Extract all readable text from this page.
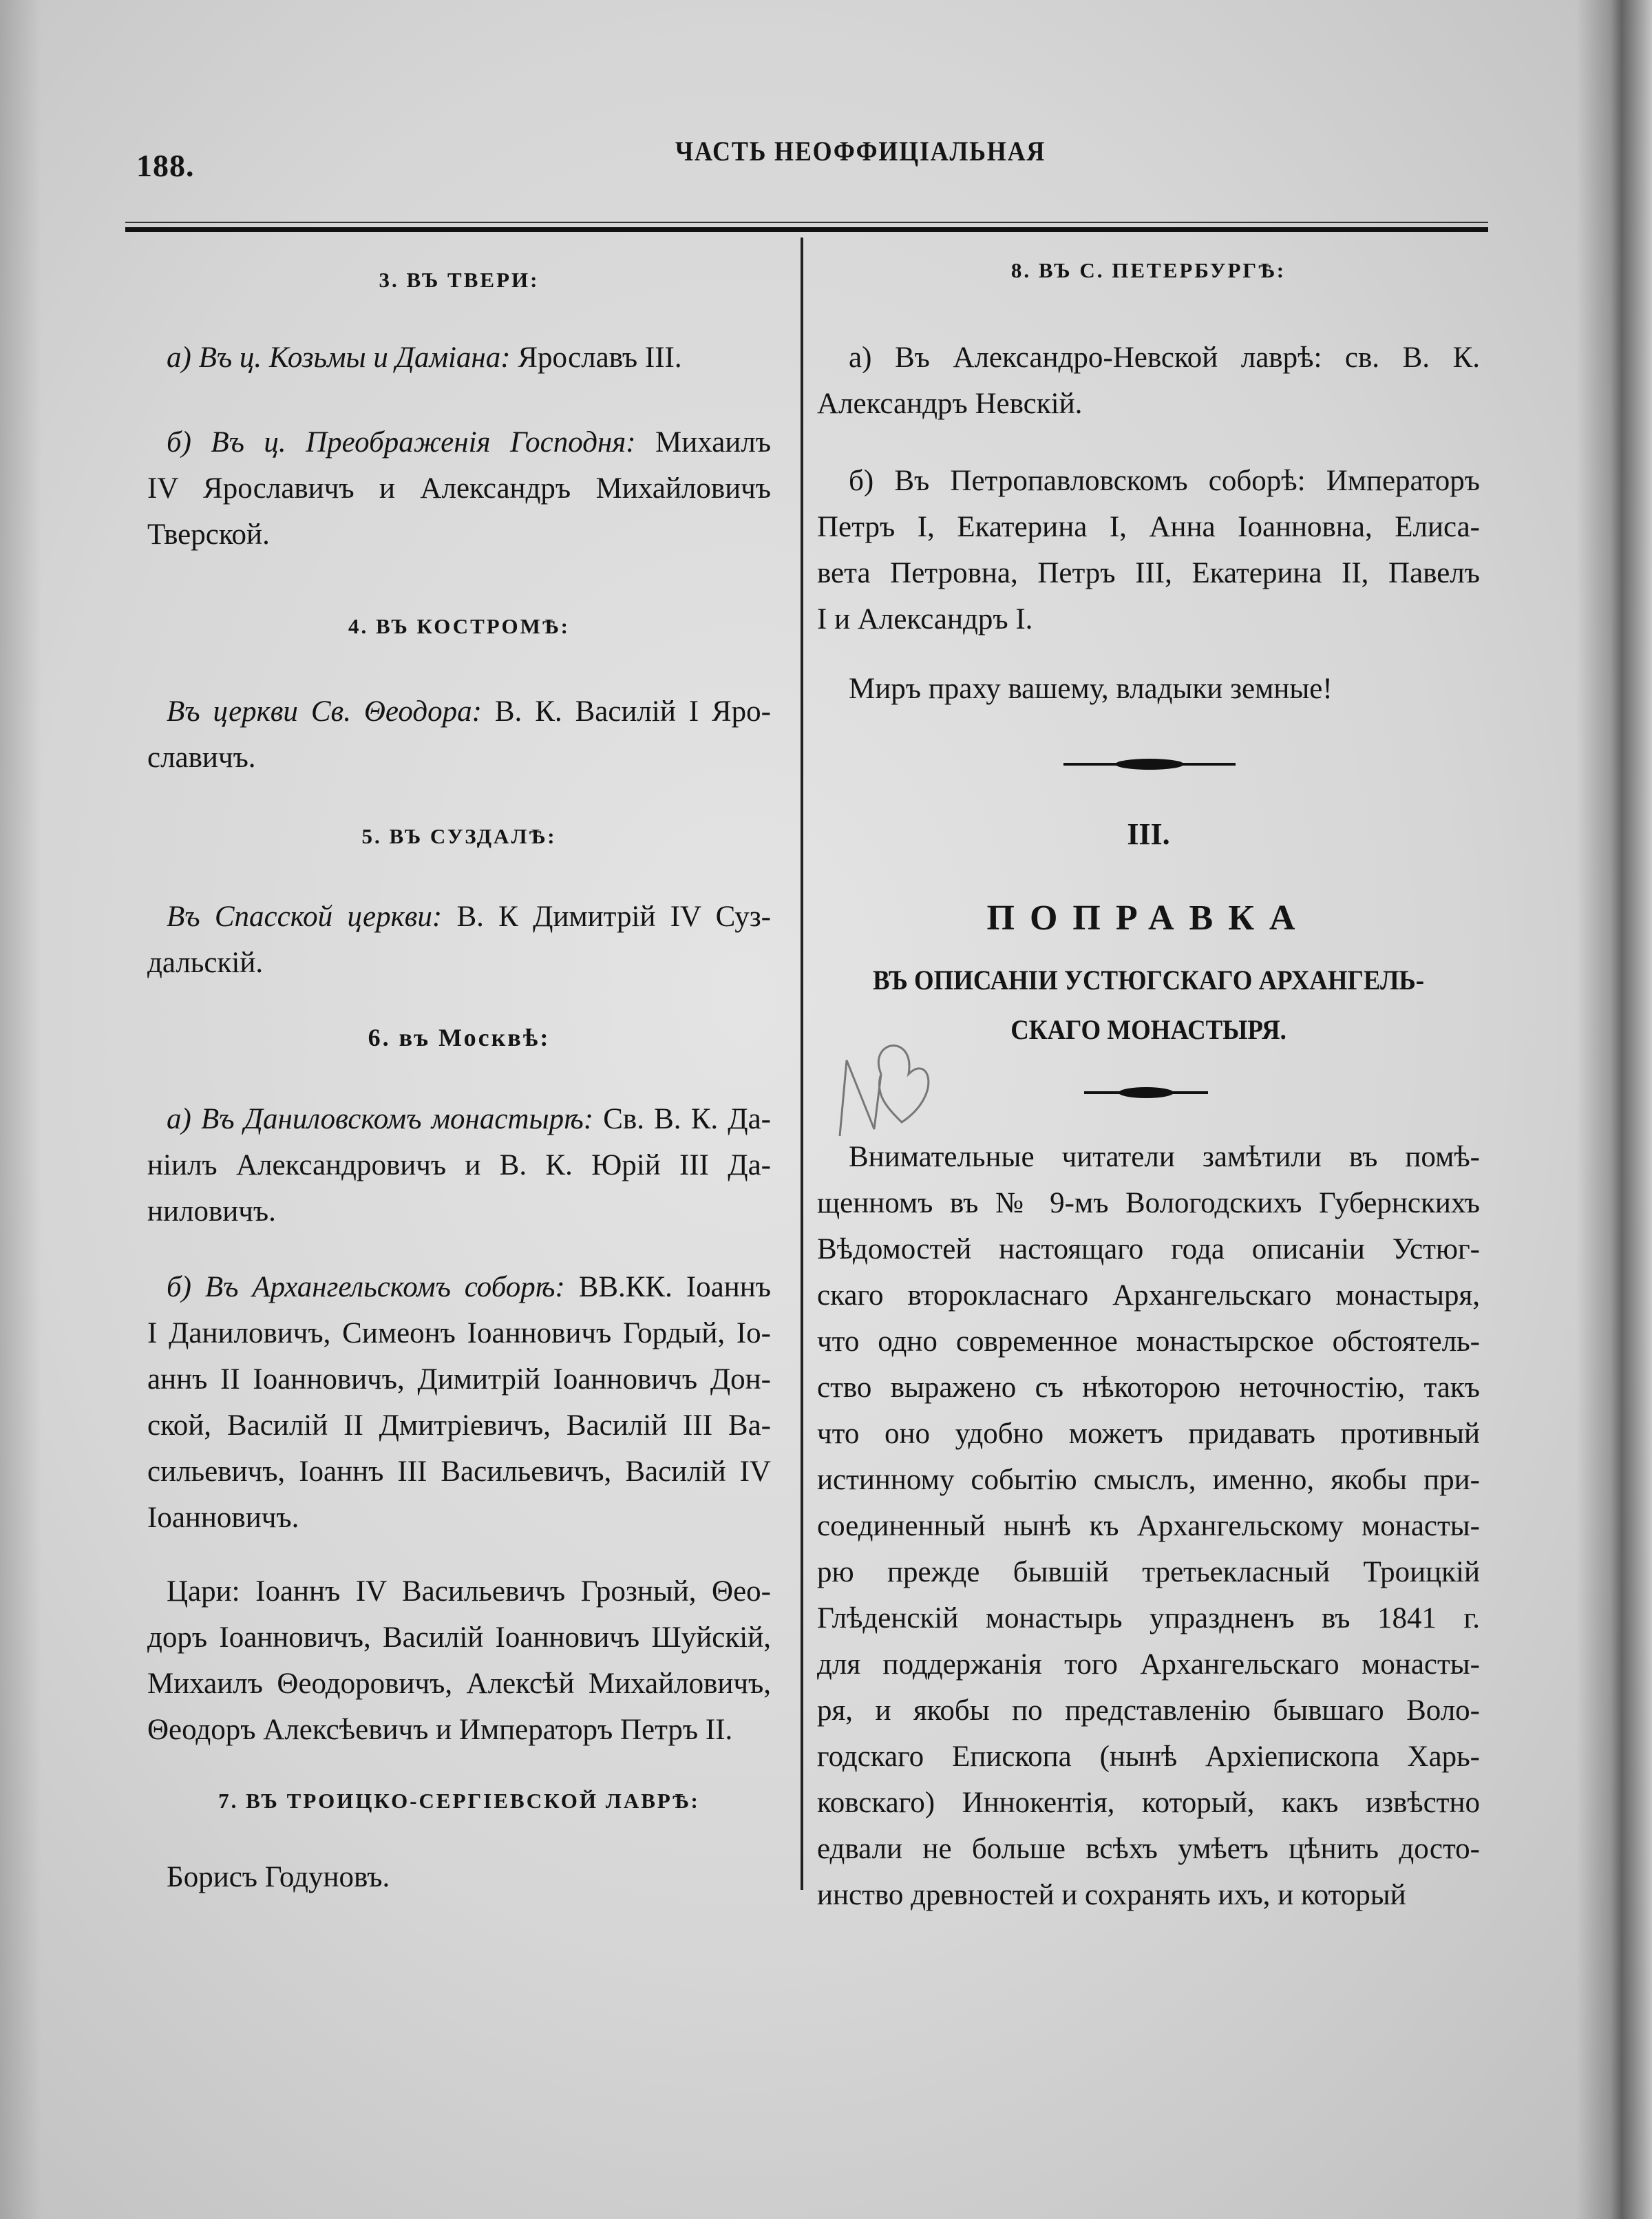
188.	ЧАСТЬ НЕОФФИЦIАЛЬНАЯ
3. ВЪ ТВЕРИ:
а) Въ ц. Козьмы и Дамiана: Ярославъ III.
б) Въ ц. Преображенiя Господня: Михаилъ
IV Ярославичъ и Александръ Михайловичъ
Тверской.
4. ВЪ КОСТРОМѢ:
Въ церкви Св. Θеодора: В. К. Василiй I Яро-
славичъ.
5. ВЪ СУЗДАЛѢ:
Въ Спасской церкви: В. К Димитрiй IV Суз-
дальскiй.
6. въ Москвѣ:
а) Въ Даниловскомъ монастырѣ: Св. В. К. Да-
нiилъ Александровичъ и В. К. Юрiй III Да-
ниловичъ.
б) Въ Архангельскомъ соборѣ: ВВ.КК. Iоаннъ
I Даниловичъ, Симеонъ Iоанновичъ Гордый, Iо-
аннъ II Iоанновичъ, Димитрiй Iоанновичъ Дон-
ской, Василiй II Дмитрiевичъ, Василiй III Ва-
сильевичъ, Iоаннъ III Васильевичъ, Василiй IV
Iоанновичъ.
Цари: Iоаннъ IV Васильевичъ Грозный, Θео-
доръ Iоанновичъ, Василiй Iоанновичъ Шуйскiй,
Михаилъ Θеодоровичъ, Алексѣй Михайловичъ,
Θеодоръ Алексѣевичъ и Императоръ Петръ II.
7. ВЪ ТРОИЦКО-СЕРГIЕВСКОЙ ЛАВРѢ:
Борисъ Годуновъ.
8. ВЪ С. ПЕТЕРБУРГѢ:
а) Въ Александро-Невской лаврѣ: св. В. К.
Александръ Невскiй.
б) Въ Петропавловскомъ соборѣ: Императоръ
Петръ I, Екатерина I, Анна Iоанновна, Елиса-
вета Петровна, Петръ III, Екатерина II, Павелъ
I и Александръ I.
Миръ праху вашему, владыки земные!
III.
ПОПРАВКА
ВЪ ОПИСАНIИ УСТЮГСКАГО АРХАНГЕЛЬ-
СКАГО МОНАСТЫРЯ.
Внимательные читатели замѣтили въ помѣ-
щенномъ въ № 9-мъ Вологодскихъ Губернскихъ
Вѣдомостей настоящаго года описанiи Устюг-
скаго второкласнаго Архангельскаго монастыря,
что одно современное монастырское обстоятель-
ство выражено съ нѣкоторою неточностiю, такъ
что оно удобно можетъ придавать противный
истинному событiю смыслъ, именно, якобы при-
соединенный нынѣ къ Архангельскому монасты-
рю прежде бывшiй третьекласный Троицкiй
Глѣденскiй монастырь упраздненъ въ 1841 г.
для поддержанiя того Архангельскаго монасты-
ря, и якобы по представленiю бывшаго Воло-
годскаго Епископа (нынѣ Архiепископа Харь-
ковскаго) Иннокентiя, который, какъ извѣстно
едвали не больше всѣхъ умѣетъ цѣнить досто-
инство древностей и сохранять ихъ, и который
